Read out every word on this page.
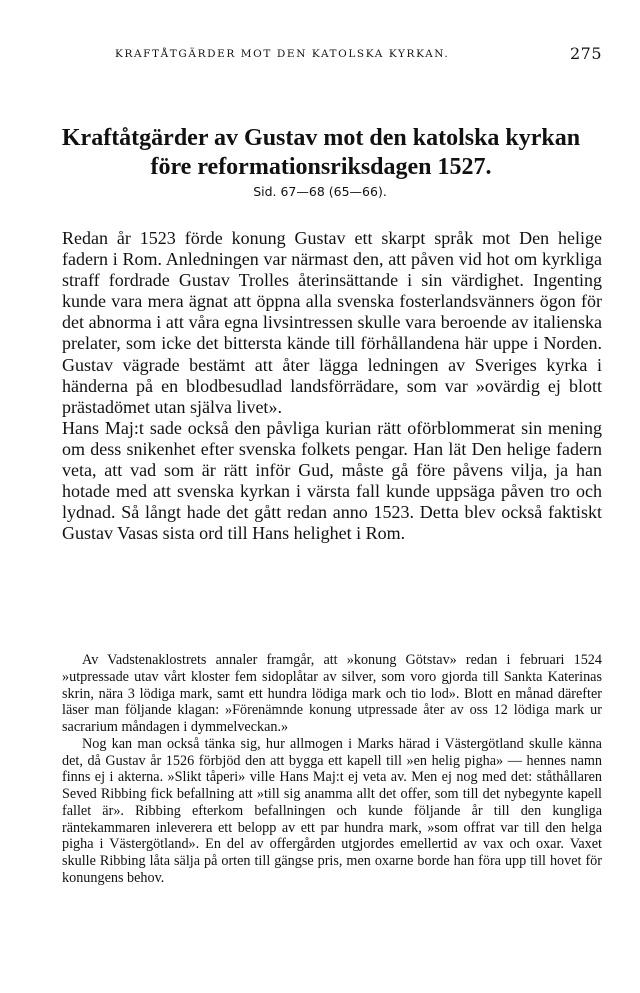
KRAFTÅTGÄRDER MOT DEN KATOLSKA KYRKAN.	275
Kraftåtgärder av Gustav mot den katolska kyrkan
före reformationsriksdagen 1527.
Sid. 67—68 (65—66).

Redan år 1523 förde konung Gustav ett skarpt språk mot Den helige fadern i Rom. Anledningen var närmast den, att påven vid hot om kyrkliga straff fordrade Gustav Trolles återinsättande i sin värdighet. Ingenting kunde vara mera ägnat att öppna alla svenska fosterlandsvänners ögon för det abnorma i att våra egna livsintressen skulle vara beroende av italienska prelater, som icke det bittersta kände till förhållandena här uppe i Norden. Gustav vägrade bestämt att åter lägga ledningen av Sveriges kyrka i händerna på en blodbesudlad landsförrädare, som var »ovärdig ej blott prästadömet utan själva livet».

Hans Maj:t sade också den påvliga kurian rätt oförblommerat sin mening om dess snikenhet efter svenska folkets pengar. Han lät Den helige fadern veta, att vad som är rätt inför Gud, måste gå före påvens vilja, ja han hotade med att svenska kyrkan i värsta fall kunde uppsäga påven tro och lydnad. Så långt hade det gått redan anno 1523. Detta blev också faktiskt Gustav Vasas sista ord till Hans helighet i Rom.

Av Vadstenaklostrets annaler framgår, att »konung Götstav» redan i februari 1524 »utpressade utav vårt kloster fem sidoplåtar av silver, som voro gjorda till Sankta Katerinas skrin, nära 3 lödiga mark, samt ett hundra lödiga mark och tio lod». Blott en månad därefter läser man följande klagan: »Förenämnde konung utpressade åter av oss 12 lödiga mark ur sacrarium måndagen i dymmelveckan.»

Nog kan man också tänka sig, hur allmogen i Marks härad i Västergötland skulle känna det, då Gustav år 1526 förbjöd den att bygga ett kapell till »en helig pigha» — hennes namn finns ej i akterna. »Slikt tåperi» ville Hans Maj:t ej veta av. Men ej nog med det: ståthållaren Seved Ribbing fick befallning att »till sig anamma allt det offer, som till det nybegynte kapell fallet är». Ribbing efterkom befallningen och kunde följande år till den kungliga räntekammaren inleverera ett belopp av ett par hundra mark, »som offrat var till den helga pigha i Västergötland». En del av offergården utgjordes emellertid av vax och oxar. Vaxet skulle Ribbing låta sälja på orten till gängse pris, men oxarne borde han föra upp till hovet för konungens behov.
